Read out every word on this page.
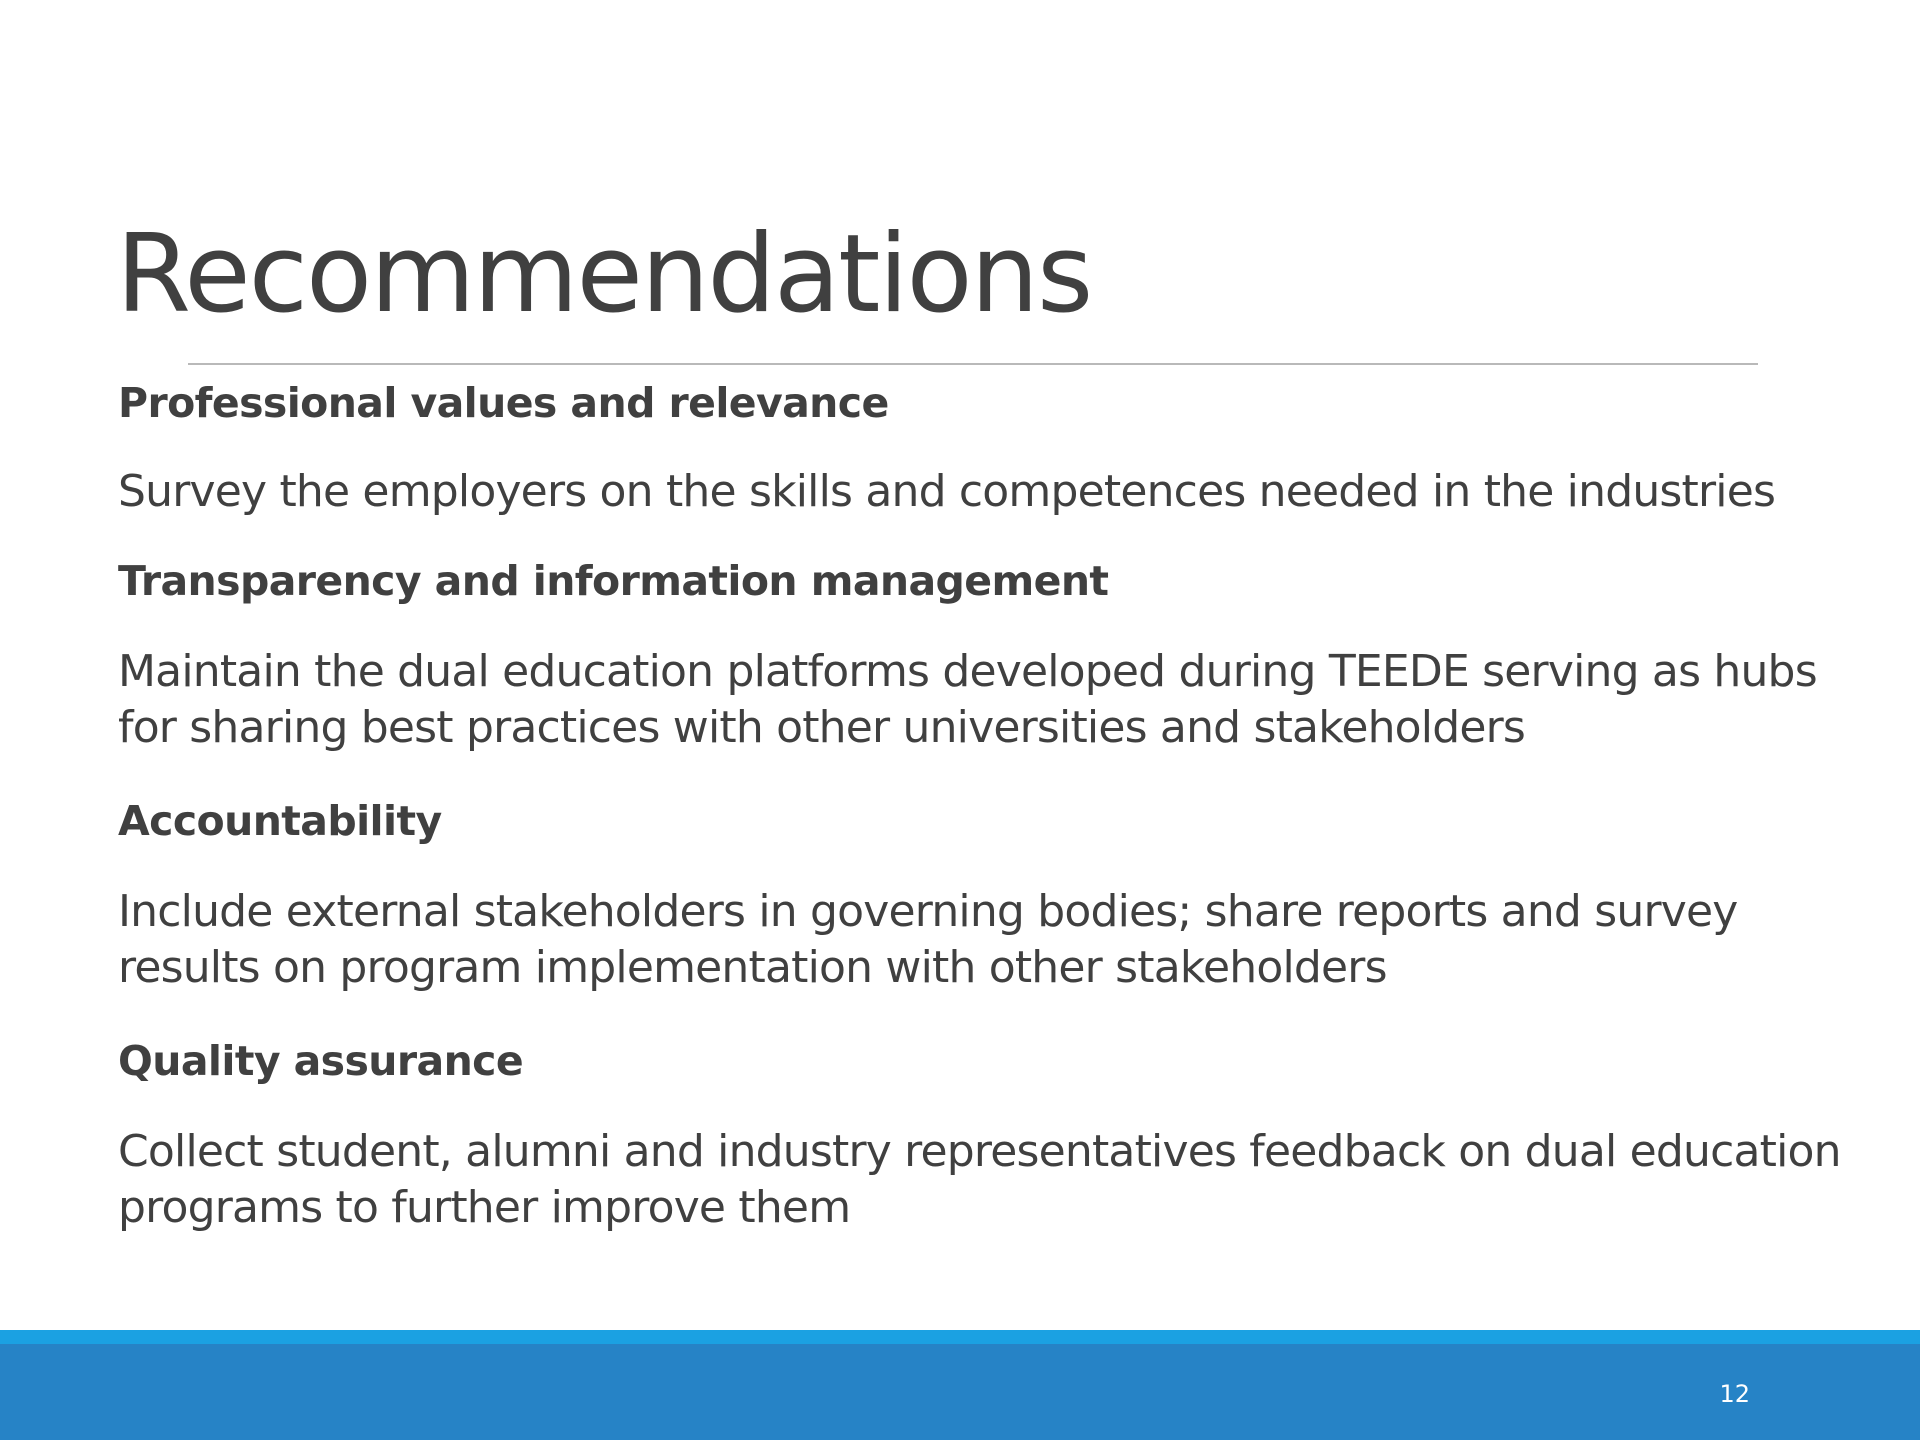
Recommendations

Professional values and relevance

Survey the employers on the skills and competences needed in the industries

Transparency and information management

Maintain the dual education platforms developed during TEEDE serving as hubs for sharing best practices with other universities and stakeholders

Accountability

Include external stakeholders in governing bodies; share reports and survey results on program implementation with other stakeholders

Quality assurance

Collect student, alumni and industry representatives feedback on dual education programs to further improve them

12
